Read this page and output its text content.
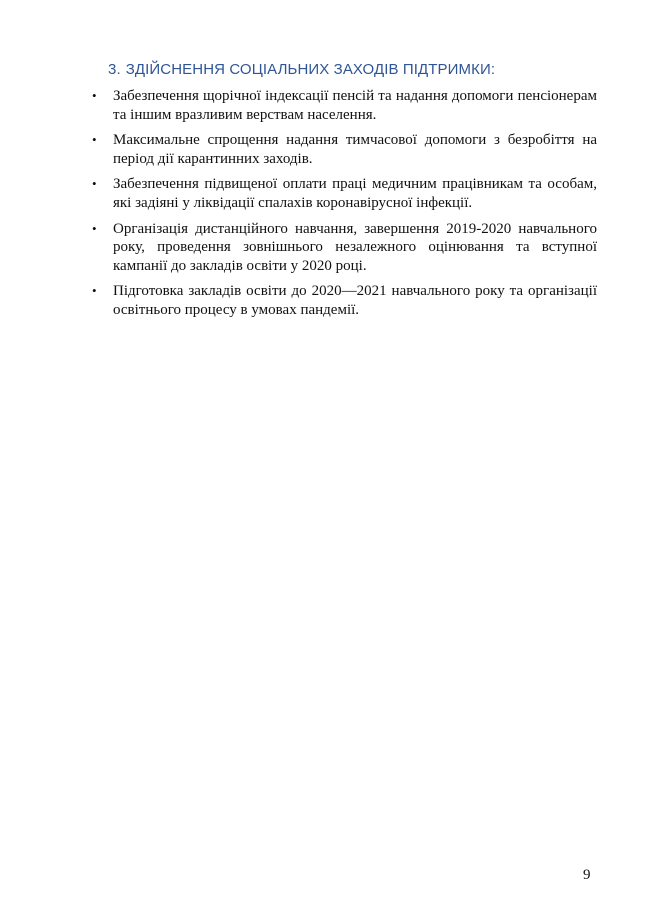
3. ЗДІЙСНЕННЯ СОЦІАЛЬНИХ ЗАХОДІВ ПІДТРИМКИ:
•	Забезпечення щорічної індексації пенсій та надання допомоги пенсіонерам та іншим вразливим верствам населення.
•	Максимальне спрощення надання тимчасової допомоги з безробіття на період дії карантинних заходів.
•	Забезпечення підвищеної оплати праці медичним працівникам та особам, які задіяні у ліквідації спалахів коронавірусної інфекції.
•	Організація дистанційного навчання, завершення 2019-2020 навчального року, проведення зовнішнього незалежного оцінювання та вступної кампанії до закладів освіти у 2020 році.
•	Підготовка закладів освіти до 2020—2021 навчального року та організації освітнього процесу в умовах пандемії.
9
